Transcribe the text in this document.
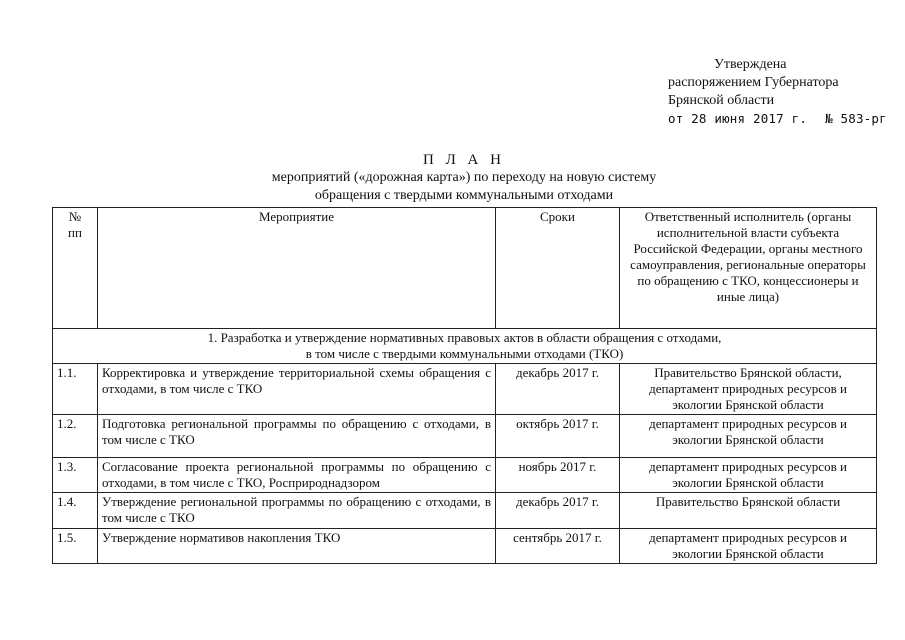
Утверждена
распоряжением Губернатора
Брянской области
от 28 июня 2017 г. № 583-рг
П Л А Н
мероприятий («дорожная карта») по переходу на новую систему
обращения с твердыми коммунальными отходами
№
пп	Мероприятие	Сроки	Ответственный исполнитель (органы исполнительной власти субъекта Российской Федерации, органы местного самоуправления, региональные операторы по обращению с ТКО, концессионеры и иные лица)
1. Разработка и утверждение нормативных правовых актов в области обращения с отходами,
в том числе с твердыми коммунальными отходами (ТКО)			
1.1.	Корректировка и утверждение территориальной схемы обращения с отходами, в том числе с ТКО	декабрь 2017 г.	Правительство Брянской области, департамент природных ресурсов и экологии Брянской области
1.2.	Подготовка региональной программы по обращению с отходами, в том числе с ТКО	октябрь 2017 г.	департамент природных ресурсов и экологии Брянской области
1.3.	Согласование проекта региональной программы по обращению с отходами, в том числе с ТКО, Росприроднадзором	ноябрь 2017 г.	департамент природных ресурсов и экологии Брянской области
1.4.	Утверждение региональной программы по обращению с отходами, в том числе с ТКО	декабрь 2017 г.	Правительство Брянской области
1.5.	Утверждение нормативов накопления ТКО	сентябрь 2017 г.	департамент природных ресурсов и экологии Брянской области
